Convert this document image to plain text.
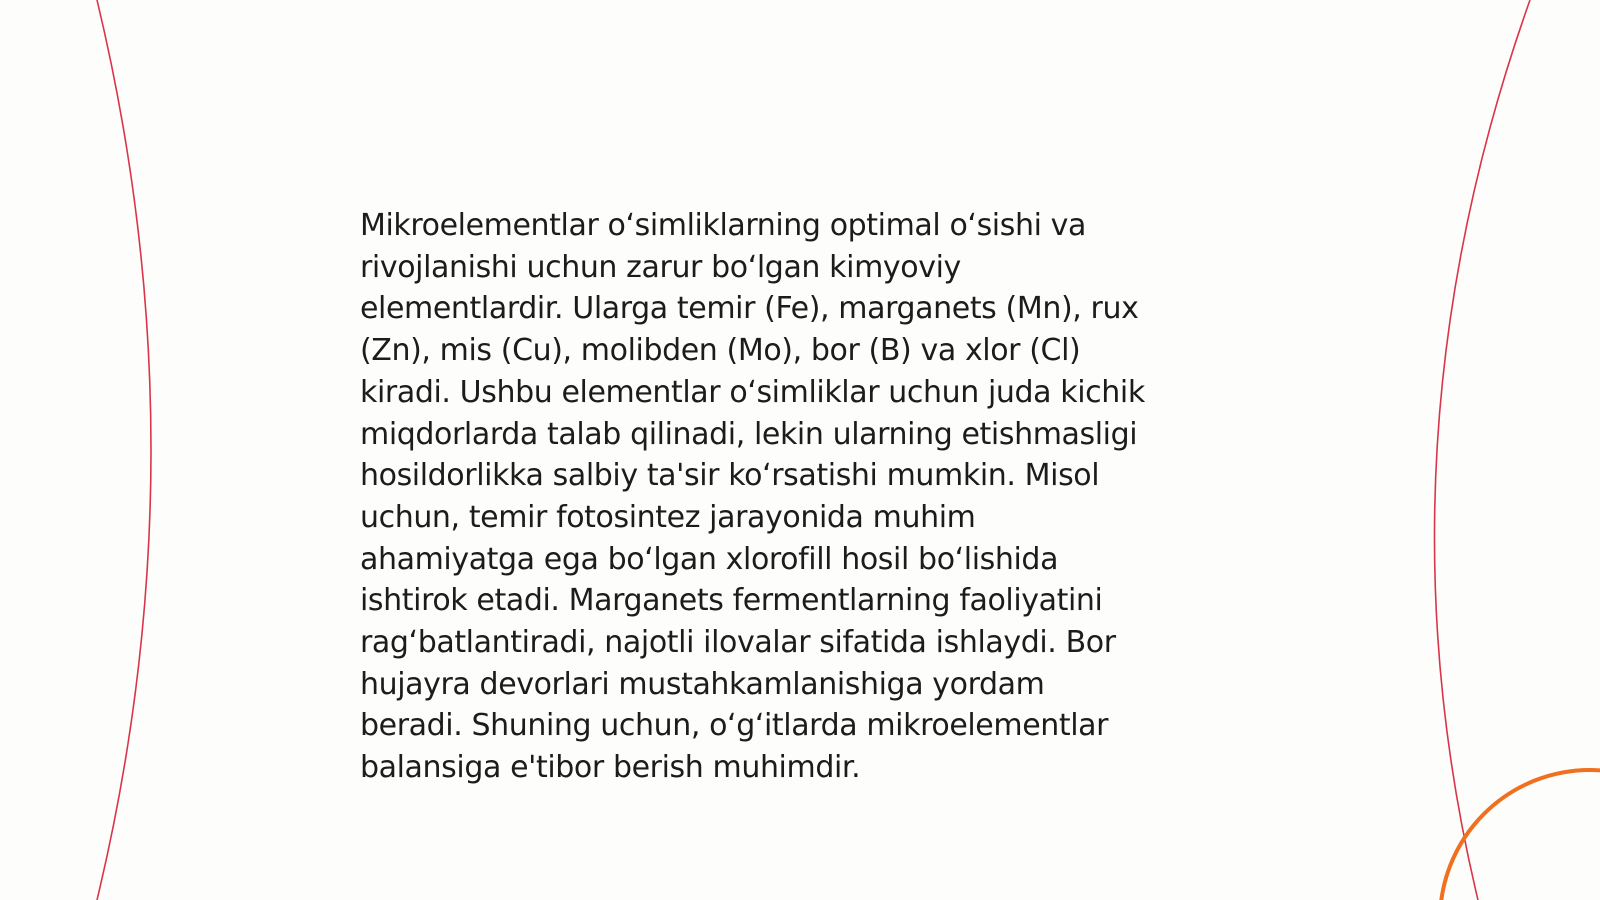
Mikroelementlar o‘simliklarning optimal o‘sishi va
rivojlanishi uchun zarur bo‘lgan kimyoviy
elementlardir. Ularga temir (Fe), marganets (Mn), rux
(Zn), mis (Cu), molibden (Mo), bor (B) va xlor (Cl)
kiradi. Ushbu elementlar o‘simliklar uchun juda kichik
miqdorlarda talab qilinadi, lekin ularning etishmasligi
hosildorlikka salbiy ta'sir ko‘rsatishi mumkin. Misol
uchun, temir fotosintez jarayonida muhim
ahamiyatga ega bo‘lgan xlorofill hosil bo‘lishida
ishtirok etadi. Marganets fermentlarning faoliyatini
rag‘batlantiradi, najotli ilovalar sifatida ishlaydi. Bor
hujayra devorlari mustahkamlanishiga yordam
beradi. Shuning uchun, o‘g‘itlarda mikroelementlar
balansiga e'tibor berish muhimdir.
